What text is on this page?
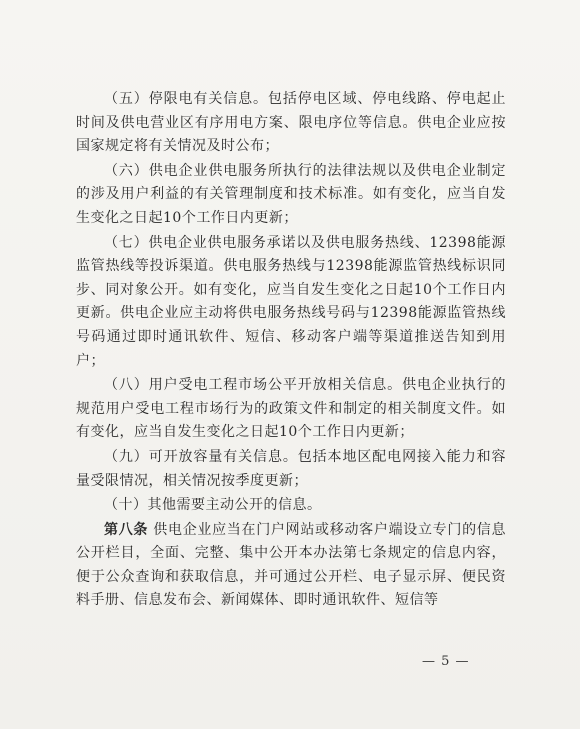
（五）停限电有关信息。包括停电区域、停电线路、停电起止时间及供电营业区有序用电方案、限电序位等信息。供电企业应按国家规定将有关情况及时公布；

（六）供电企业供电服务所执行的法律法规以及供电企业制定的涉及用户利益的有关管理制度和技术标准。如有变化，应当自发生变化之日起10个工作日内更新；

（七）供电企业供电服务承诺以及供电服务热线、12398能源监管热线等投诉渠道。供电服务热线与12398能源监管热线标识同步、同对象公开。如有变化，应当自发生变化之日起10个工作日内更新。供电企业应主动将供电服务热线号码与12398能源监管热线号码通过即时通讯软件、短信、移动客户端等渠道推送告知到用户；

（八）用户受电工程市场公平开放相关信息。供电企业执行的规范用户受电工程市场行为的政策文件和制定的相关制度文件。如有变化，应当自发生变化之日起10个工作日内更新；

（九）可开放容量有关信息。包括本地区配电网接入能力和容量受限情况，相关情况按季度更新；

（十）其他需要主动公开的信息。

第八条 供电企业应当在门户网站或移动客户端设立专门的信息公开栏目，全面、完整、集中公开本办法第七条规定的信息内容，便于公众查询和获取信息，并可通过公开栏、电子显示屏、便民资料手册、信息发布会、新闻媒体、即时通讯软件、短信等

— 5 —
